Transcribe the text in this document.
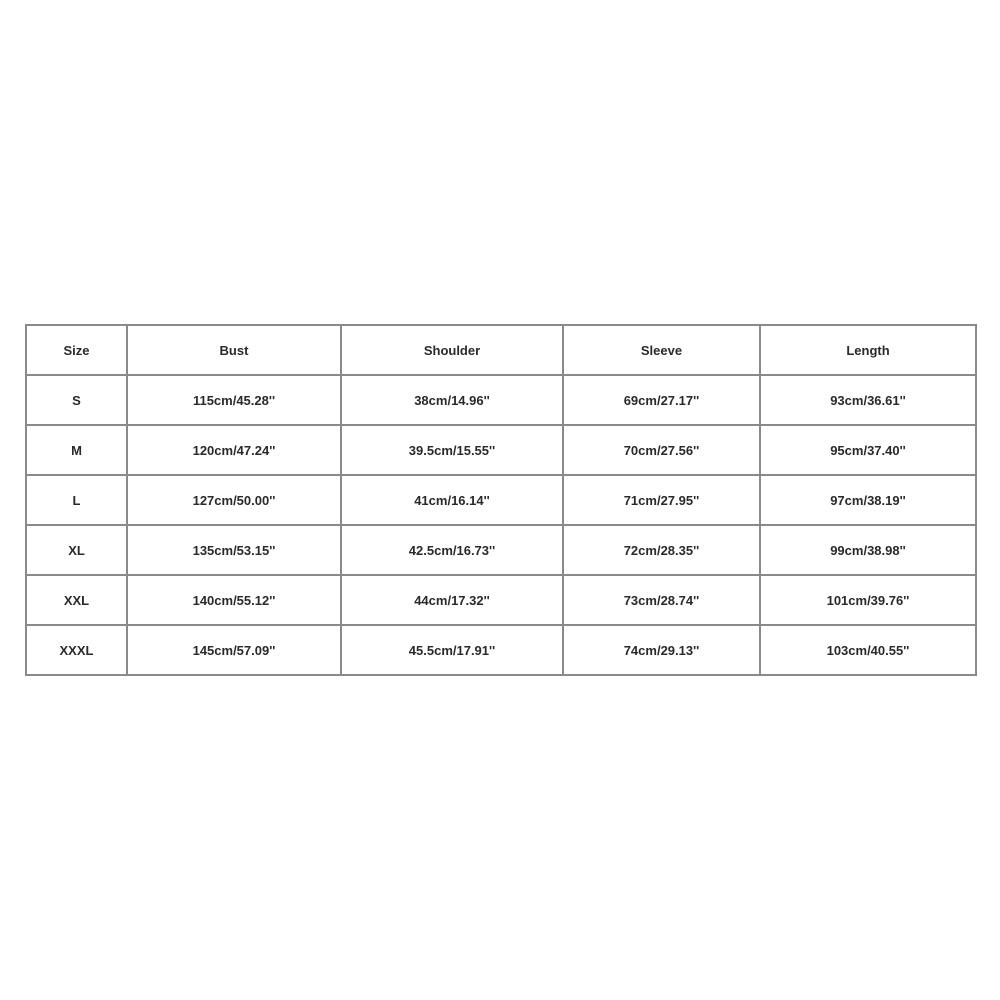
Size	Bust	Shoulder	Sleeve	Length
S	115cm/45.28''	38cm/14.96''	69cm/27.17''	93cm/36.61''
M	120cm/47.24''	39.5cm/15.55''	70cm/27.56''	95cm/37.40''
L	127cm/50.00''	41cm/16.14''	71cm/27.95''	97cm/38.19''
XL	135cm/53.15''	42.5cm/16.73''	72cm/28.35''	99cm/38.98''
XXL	140cm/55.12''	44cm/17.32''	73cm/28.74''	101cm/39.76''
XXXL	145cm/57.09''	45.5cm/17.91''	74cm/29.13''	103cm/40.55''
